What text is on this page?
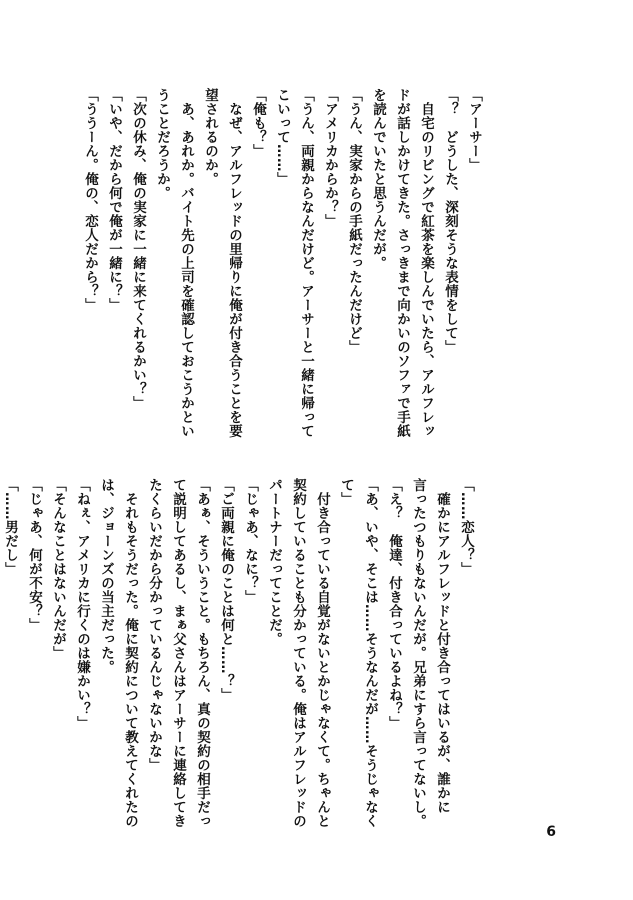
「アーサー」
「？　どうした、深刻そうな表情をして」
　自宅のリビングで紅茶を楽しんでいたら、アルフレッ
ドが話しかけてきた。さっきまで向かいのソファで手紙
を読んでいたと思うんだが。
「うん、実家からの手紙だったんだけど」
「アメリカからか？」
「うん、両親からなんだけど。アーサーと一緒に帰って
こいって……」
「俺も？」
　なぜ、アルフレッドの里帰りに俺が付き合うことを要
望されるのか。
　あ、あれか。バイト先の上司を確認しておこうかとい
うことだろうか。
「次の休み、俺の実家に一緒に来てくれるかい？」
「いや、だから何で俺が一緒に？」
「ううーん。俺の、恋人だから？」
「……恋人？」
　確かにアルフレッドと付き合ってはいるが、誰かに
言ったつもりもないんだが。兄弟にすら言ってないし。
「え？　俺達、付き合っているよね？」
「あ、いや、そこは……そうなんだが……そうじゃなく
て」
　付き合っている自覚がないとかじゃなくて。ちゃんと
契約していることも分かっている。俺はアルフレッドの
パートナーだってことだ。
「じゃあ、なに？」
「ご両親に俺のことは何と……？」
「あぁ、そういうこと。もちろん、真の契約の相手だっ
て説明してあるし、まぁ父さんはアーサーに連絡してき
たくらいだから分かっているんじゃないかな」
　それもそうだった。俺に契約について教えてくれたの
は、ジョーンズの当主だった。
「ねぇ、アメリカに行くのは嫌かい？」
「そんなことはないんだが」
「じゃあ、何が不安？」
「……男だし」
6
